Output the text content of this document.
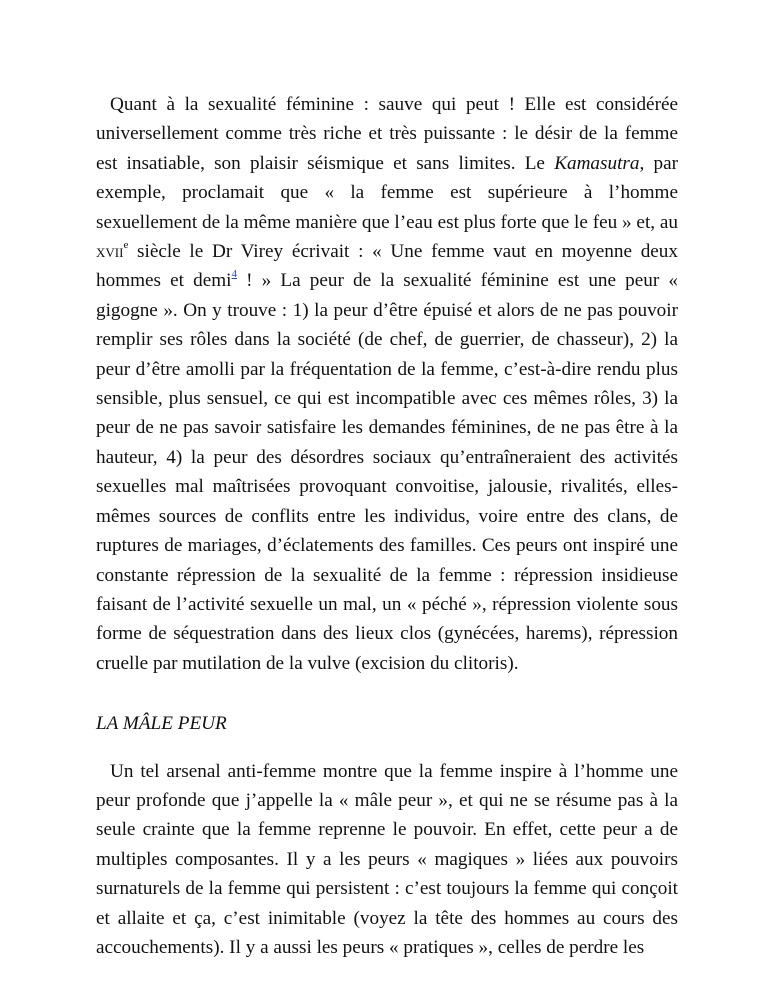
Quant à la sexualité féminine : sauve qui peut ! Elle est considérée universellement comme très riche et très puissante : le désir de la femme est insatiable, son plaisir séismique et sans limites. Le Kamasutra, par exemple, proclamait que « la femme est supérieure à l’homme sexuellement de la même manière que l’eau est plus forte que le feu » et, au xvii$^e$ siècle le Dr Virey écrivait : « Une femme vaut en moyenne deux hommes et demi$^4$ ! » La peur de la sexualité féminine est une peur « gigogne ». On y trouve : 1) la peur d’être épuisé et alors de ne pas pouvoir remplir ses rôles dans la société (de chef, de guerrier, de chasseur), 2) la peur d’être amolli par la fréquentation de la femme, c’est-à-dire rendu plus sensible, plus sensuel, ce qui est incompatible avec ces mêmes rôles, 3) la peur de ne pas savoir satisfaire les demandes féminines, de ne pas être à la hauteur, 4) la peur des désordres sociaux qu’entraîneraient des activités sexuelles mal maîtrisées provoquant convoitise, jalousie, rivalités, elles-mêmes sources de conflits entre les individus, voire entre des clans, de ruptures de mariages, d’éclatements des familles. Ces peurs ont inspiré une constante répression de la sexualité de la femme : répression insidieuse faisant de l’activité sexuelle un mal, un « péché », répression violente sous forme de séquestration dans des lieux clos (gynécées, harems), répression cruelle par mutilation de la vulve (excision du clitoris).

LA MÂLE PEUR

Un tel arsenal anti-femme montre que la femme inspire à l’homme une peur profonde que j’appelle la « mâle peur », et qui ne se résume pas à la seule crainte que la femme reprenne le pouvoir. En effet, cette peur a de multiples composantes. Il y a les peurs « magiques » liées aux pouvoirs surnaturels de la femme qui persistent : c’est toujours la femme qui conçoit et allaite et ça, c’est inimitable (voyez la tête des hommes au cours des accouchements). Il y a aussi les peurs « pratiques », celles de perdre les
